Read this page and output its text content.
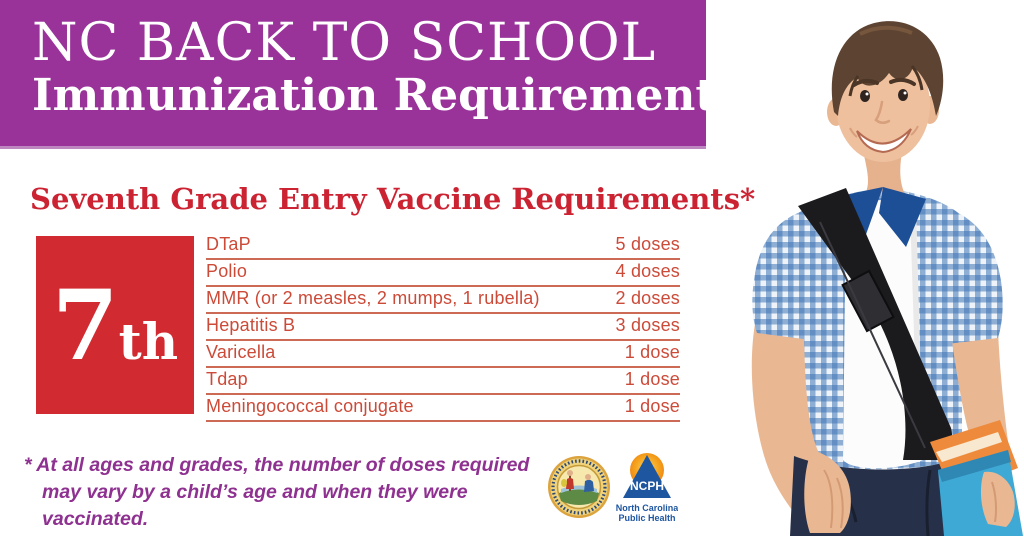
NC BACK TO SCHOOL
Immunization Requirements
Seventh Grade Entry Vaccine Requirements*
7th
DTaP	5 doses
Polio	4 doses
MMR (or 2 measles, 2 mumps, 1 rubella)	2 doses
Hepatitis B	3 doses
Varicella	1 dose
Tdap	1 dose
Meningococcal conjugate	1 dose
* At all ages and grades, the number of doses required may vary by a child’s age and when they were vaccinated.
NCPH
North Carolina
Public Health
